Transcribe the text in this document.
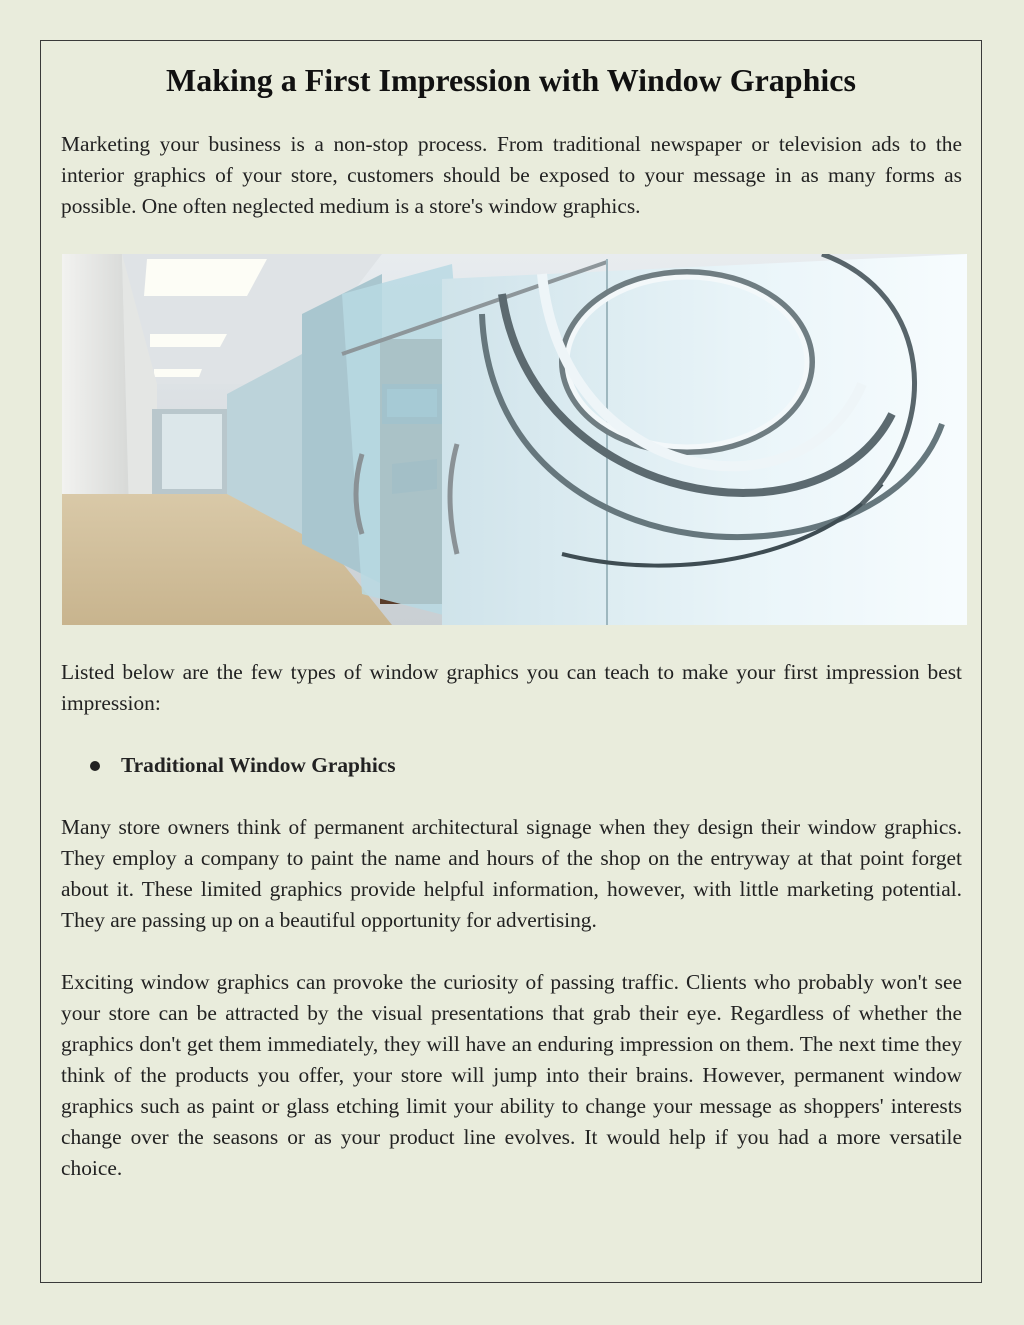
Making a First Impression with Window Graphics

Marketing your business is a non-stop process. From traditional newspaper or television ads to the interior graphics of your store, customers should be exposed to your message in as many forms as possible. One often neglected medium is a store's window graphics.

Listed below are the few types of window graphics you can teach to make your first impression best impression:

Traditional Window Graphics

Many store owners think of permanent architectural signage when they design their window graphics. They employ a company to paint the name and hours of the shop on the entryway at that point forget about it. These limited graphics provide helpful information, however, with little marketing potential. They are passing up on a beautiful opportunity for advertising.

Exciting window graphics can provoke the curiosity of passing traffic. Clients who probably won't see your store can be attracted by the visual presentations that grab their eye. Regardless of whether the graphics don't get them immediately, they will have an enduring impression on them. The next time they think of the products you offer, your store will jump into their brains. However, permanent window graphics such as paint or glass etching limit your ability to change your message as shoppers' interests change over the seasons or as your product line evolves. It would help if you had a more versatile choice.
